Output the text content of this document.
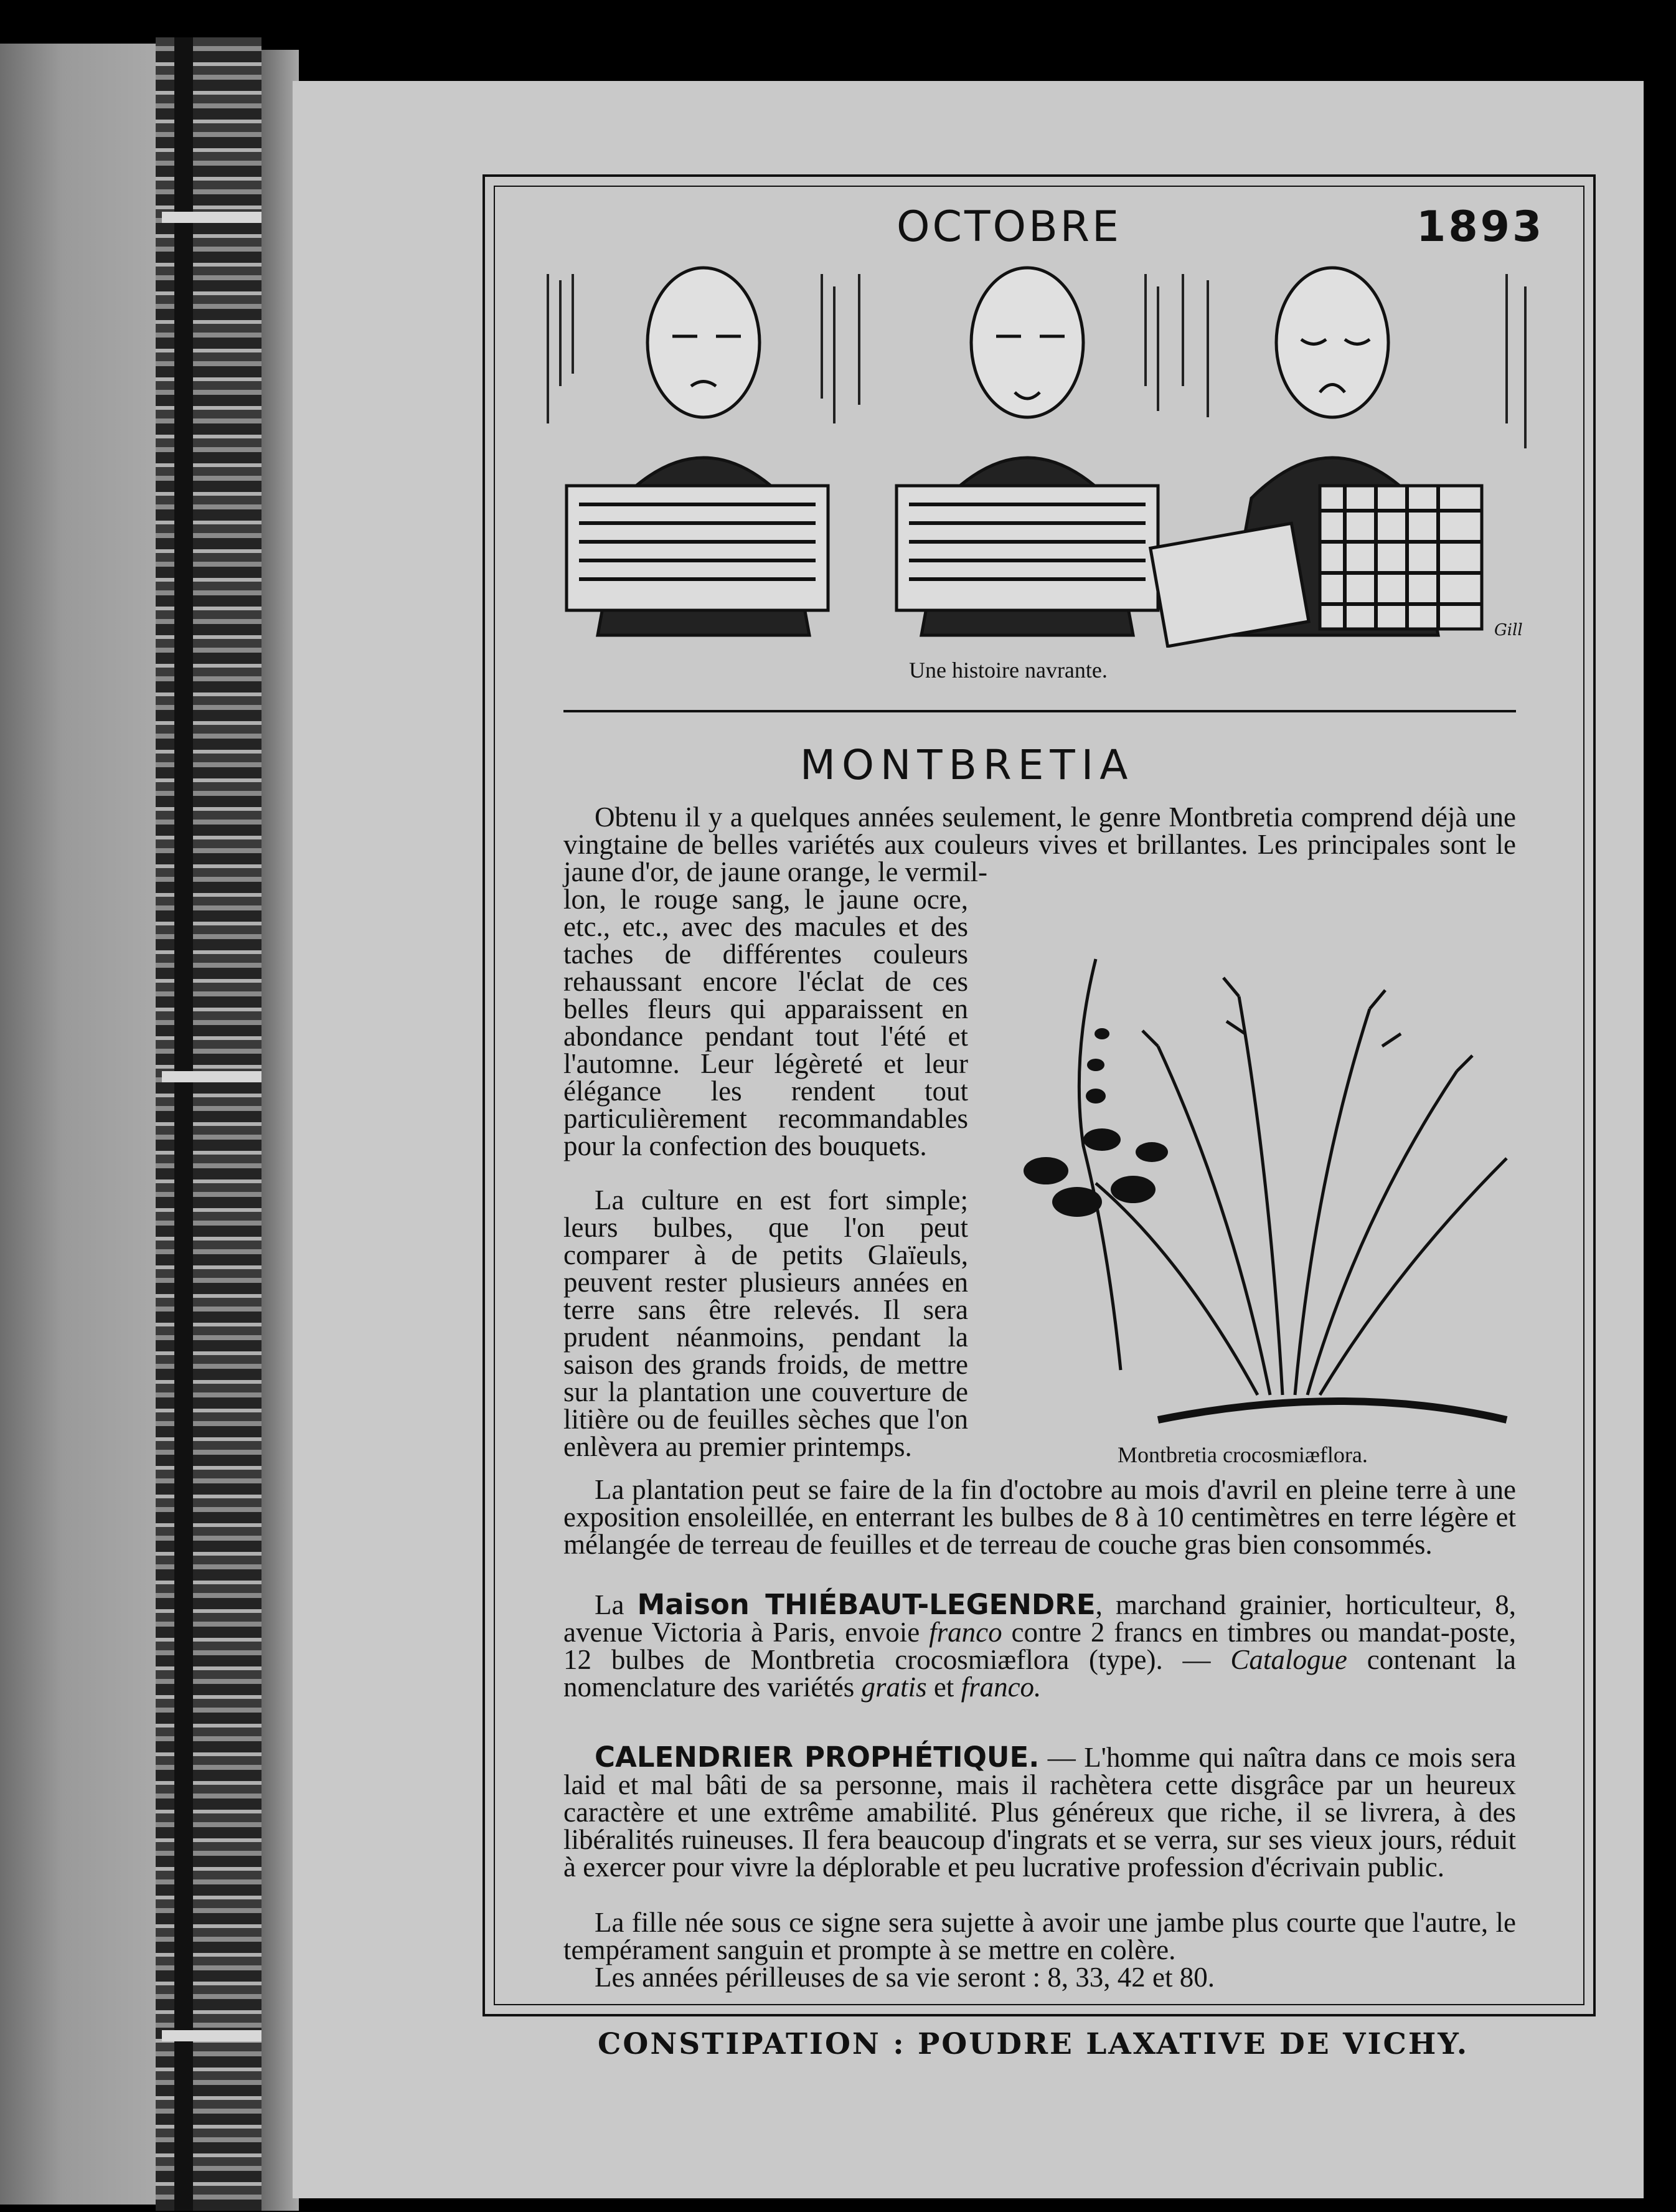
OCTOBRE	1893
Gill
Une histoire navrante.
MONTBRETIA
Obtenu il y a quelques années seulement, le genre Montbretia comprend déjà une vingtaine de belles variétés aux couleurs vives et brillantes. Les principales sont le jaune d'or, de jaune orange, le vermil-
lon, le rouge sang, le jaune ocre, etc., etc., avec des macules et des taches de différentes couleurs rehaussant encore l'éclat de ces belles fleurs qui apparaissent en abondance pendant tout l'été et l'automne. Leur légèreté et leur élégance les rendent tout particulièrement recommandables pour la confection des bouquets.
La culture en est fort simple; leurs bulbes, que l'on peut comparer à de petits Glaïeuls, peuvent rester plusieurs années en terre sans être relevés. Il sera prudent néanmoins, pendant la saison des grands froids, de mettre sur la plantation une couverture de litière ou de feuilles sèches que l'on enlèvera au premier printemps.	Montbretia crocosmiæflora.
La plantation peut se faire de la fin d'octobre au mois d'avril en pleine terre à une exposition ensoleillée, en enterrant les bulbes de 8 à 10 centimètres en terre légère et mélangée de terreau de feuilles et de terreau de couche gras bien consommés.
La Maison THIÉBAUT-LEGENDRE, marchand grainier, horticulteur, 8, avenue Victoria à Paris, envoie franco contre 2 francs en timbres ou mandat-poste, 12 bulbes de Montbretia crocosmiæflora (type). — Catalogue contenant la nomenclature des variétés gratis et franco.
CALENDRIER PROPHÉTIQUE. — L'homme qui naîtra dans ce mois sera laid et mal bâti de sa personne, mais il rachètera cette disgrâce par un heureux caractère et une extrême amabilité. Plus généreux que riche, il se livrera, à des libéralités ruineuses. Il fera beaucoup d'ingrats et se verra, sur ses vieux jours, réduit à exercer pour vivre la déplorable et peu lucrative profession d'écrivain public.
La fille née sous ce signe sera sujette à avoir une jambe plus courte que l'autre, le tempérament sanguin et prompte à se mettre en colère.
Les années périlleuses de sa vie seront : 8, 33, 42 et 80.
CONSTIPATION : POUDRE LAXATIVE DE VICHY.
